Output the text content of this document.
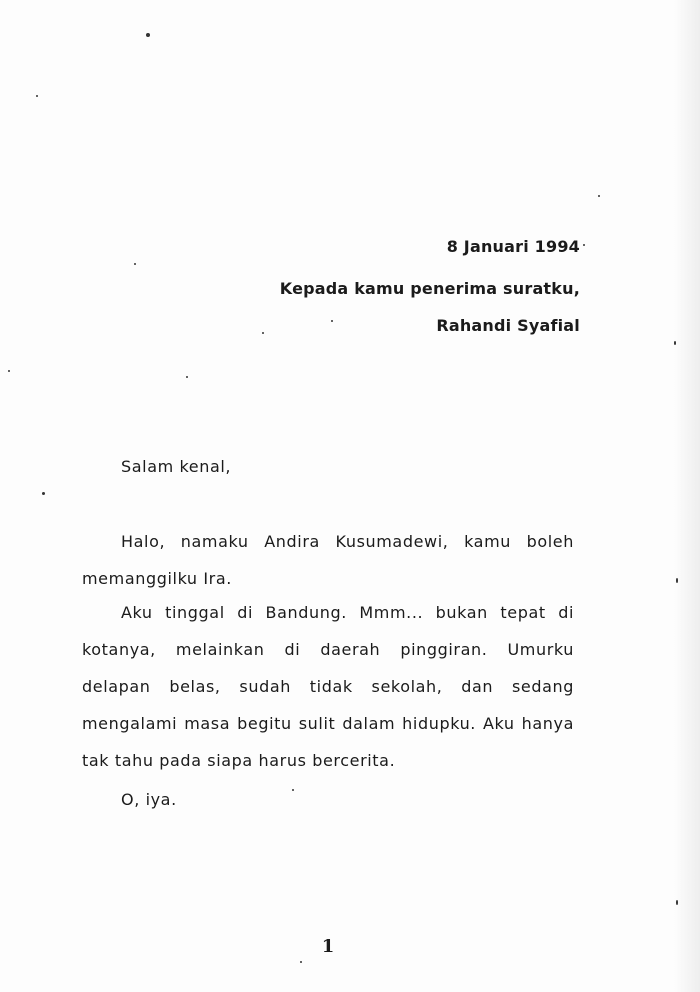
8 Januari 1994
Kepada kamu penerima suratku,
Rahandi Syafial
Salam kenal,
Halo, namaku Andira Kusumadewi, kamu boleh memanggilku Ira.
Aku tinggal di Bandung. Mmm... bukan tepat di kotanya, melainkan di daerah pinggiran. Umurku delapan belas, sudah tidak sekolah, dan sedang mengalami masa begitu sulit dalam hidupku. Aku hanya tak tahu pada siapa harus bercerita.
O, iya.
1
